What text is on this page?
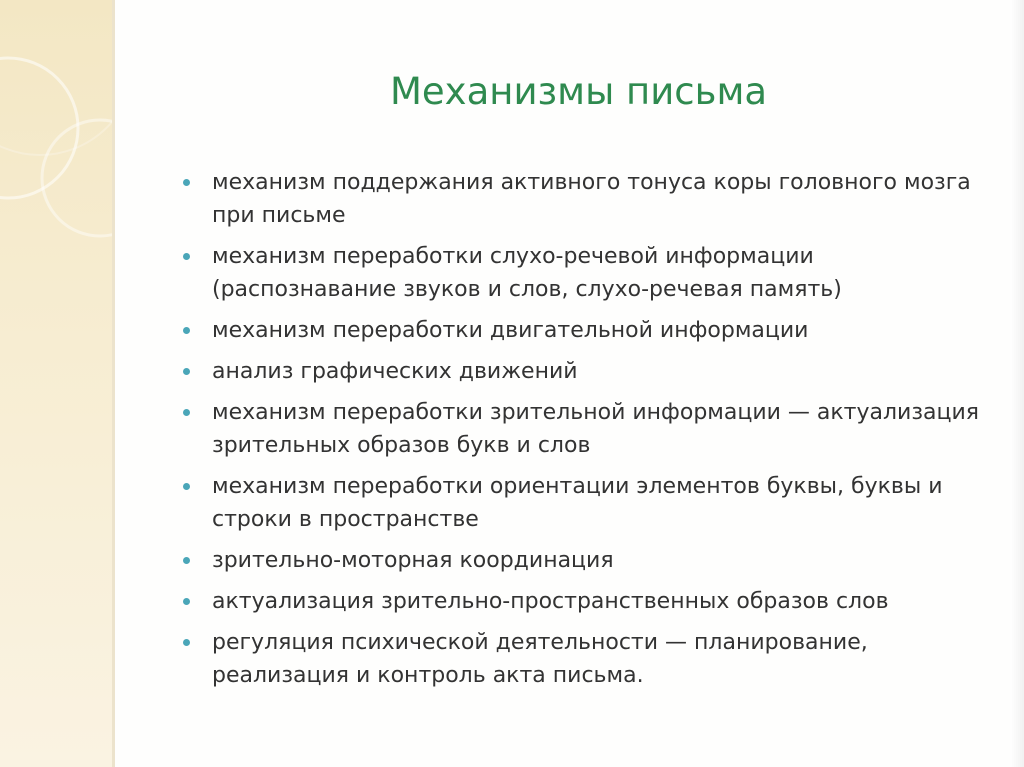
Механизмы письма
механизм поддержания активного тонуса коры головного мозга при письме
механизм переработки слухо-речевой информации (распознавание звуков и слов, слухо-речевая память)
механизм переработки двигательной информации
анализ графических движений
механизм переработки зрительной информации — актуализация зрительных образов букв и слов
механизм переработки ориентации элементов буквы, буквы и строки в пространстве
зрительно-моторная координация
актуализация зрительно-пространственных образов слов
регуляция психической деятельности — планирование, реализация и контроль акта письма.
